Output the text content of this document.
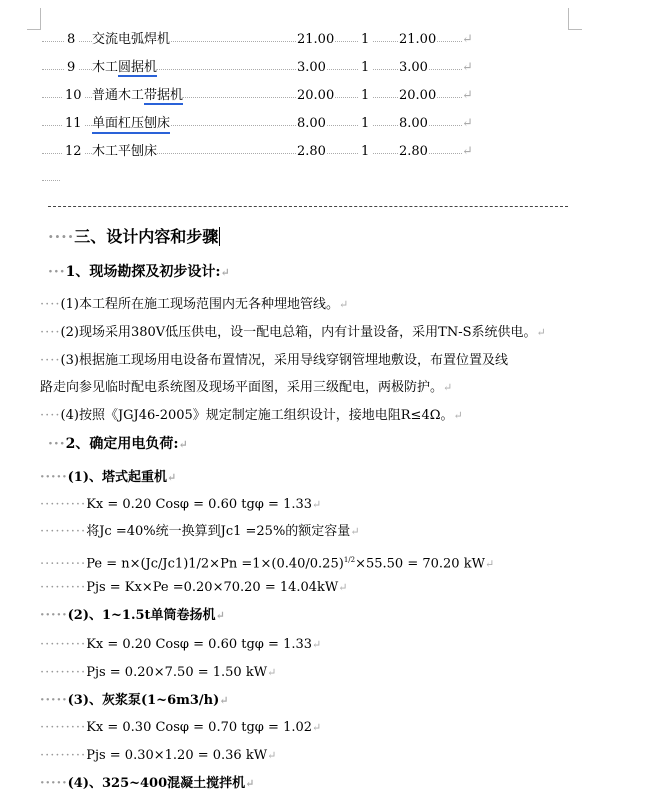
8 交流电弧焊机	21.00 1 21.00 ↵
9 木工圆据机	3.00	1 3.00	↵
10 普通木工带据机	20.00 1 20.00 ↵
11 单面杠压刨床	8.00	1 8.00	↵
12 木工平刨床	2.80	1 2.80	↵
····三、设计内容和步骤
···1、现场勘探及初步设计:↵
····(1)本工程所在施工现场范围内无各种埋地管线。↵
····(2)现场采用380V低压供电，设一配电总箱，内有计量设备，采用TN-S系统供电。↵
····(3)根据施工现场用电设备布置情况，采用导线穿钢管埋地敷设，布置位置及线
路走向参见临时配电系统图及现场平面图，采用三级配电，两极防护。↵
····(4)按照《JGJ46-2005》规定制定施工组织设计，接地电阻R≤4Ω。↵
···2、确定用电负荷:↵
·····(1)、塔式起重机↵
·········Kx = 0.20 Cosφ = 0.60 tgφ = 1.33↵
·········将Jc =40%统一换算到Jc1 =25%的额定容量↵
$\cdot\cdot\cdot\cdot\cdot\cdot\cdot\cdot\cdot Pe = n\times(Jc/Jc1)1/2\times Pn =1\times(0.40/0.25)^{1/2}\times 55.50 = 70.20$ kW↵
·········Pjs = Kx×Pe =0.20×70.20 = 14.04kW↵
·····(2)、1~1.5t单筒卷扬机↵
·········Kx = 0.20 Cosφ = 0.60 tgφ = 1.33↵
·········Pjs = 0.20×7.50 = 1.50 kW↵
·····(3)、灰浆泵(1~6m3/h)↵
·········Kx = 0.30 Cosφ = 0.70 tgφ = 1.02↵
·········Pjs = 0.30×1.20 = 0.36 kW↵
·····(4)、325~400混凝土搅拌机↵
